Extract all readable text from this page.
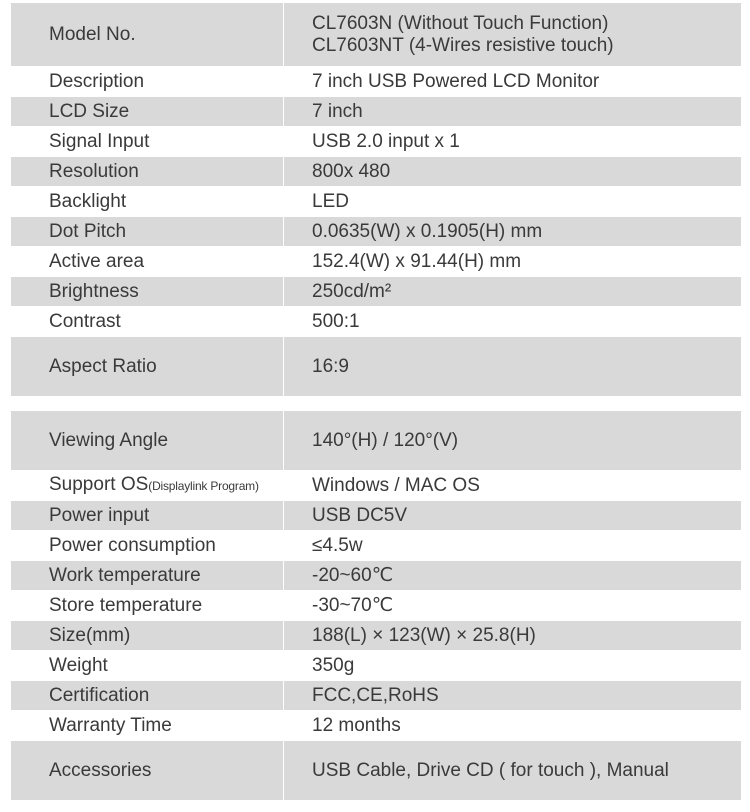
Model No.	CL7603N (Without Touch Function)
CL7603NT (4-Wires resistive touch)

Description	7 inch USB Powered LCD Monitor
LCD Size	7 inch
Signal Input	USB 2.0 input x 1
Resolution	800x 480
Backlight	LED
Dot Pitch	0.0635(W) x 0.1905(H) mm
Active area	152.4(W) x 91.44(H) mm
Brightness	250cd/m²
Contrast	500:1
Aspect Ratio	16:9

Viewing Angle	140°(H) / 120°(V)
Support OS(Displaylink Program)	Windows / MAC OS
Power input	USB DC5V
Power consumption	≤4.5w
Work temperature	-20~60℃
Store temperature	-30~70℃
Size(mm)	188(L) × 123(W) × 25.8(H)
Weight	350g
Certification	FCC,CE,RoHS
Warranty Time	12 months
Accessories	USB Cable, Drive CD ( for touch ), Manual
